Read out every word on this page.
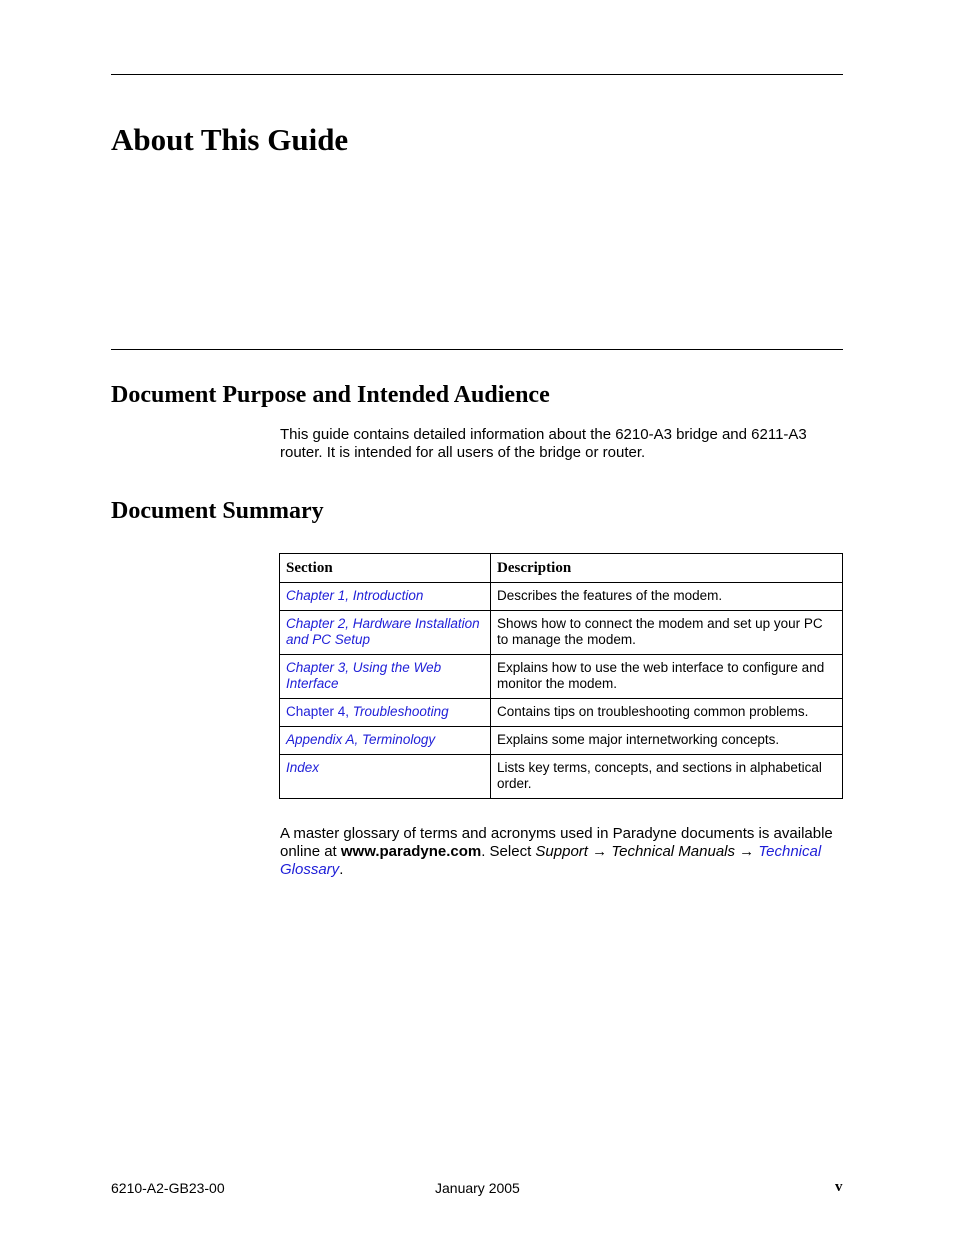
About This Guide
Document Purpose and Intended Audience

This guide contains detailed information about the 6210-A3 bridge and 6211-A3 router. It is intended for all users of the bridge or router.

Document Summary
Section	Description
Chapter 1, Introduction	Describes the features of the modem.
Chapter 2, Hardware Installation and PC Setup	Shows how to connect the modem and set up your PC to manage the modem.
Chapter 3, Using the Web Interface	Explains how to use the web interface to configure and monitor the modem.
Chapter 4, Troubleshooting	Contains tips on troubleshooting common problems.
Appendix A, Terminology	Explains some major internetworking concepts.
Index	Lists key terms, concepts, and sections in alphabetical order.

A master glossary of terms and acronyms used in Paradyne documents is available online at www.paradyne.com. Select Support → Technical Manuals → Technical Glossary.

6210-A2-GB23-00	January 2005	v
